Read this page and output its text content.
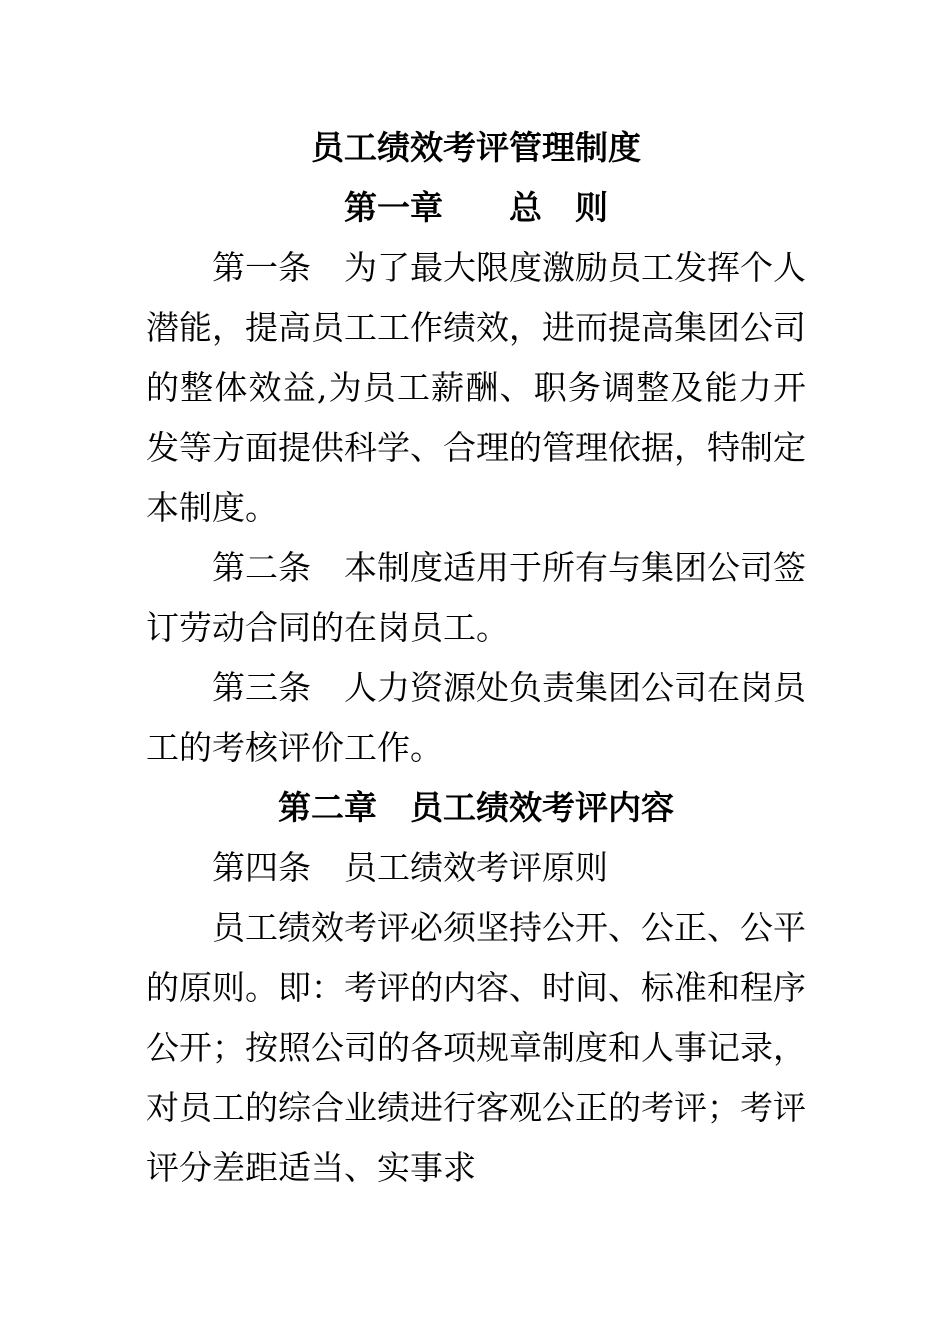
员工绩效考评管理制度
第一章　　总　则

第一条　为了最大限度激励员工发挥个人潜能，提高员工工作绩效，进而提高集团公司的整体效益,为员工薪酬、职务调整及能力开发等方面提供科学、合理的管理依据，特制定本制度。

第二条　本制度适用于所有与集团公司签订劳动合同的在岗员工。

第三条　人力资源处负责集团公司在岗员工的考核评价工作。

第二章　员工绩效考评内容

第四条　员工绩效考评原则

员工绩效考评必须坚持公开、公正、公平的原则。即：考评的内容、时间、标准和程序公开；按照公司的各项规章制度和人事记录，对员工的综合业绩进行客观公正的考评；考评评分差距适当、实事求
